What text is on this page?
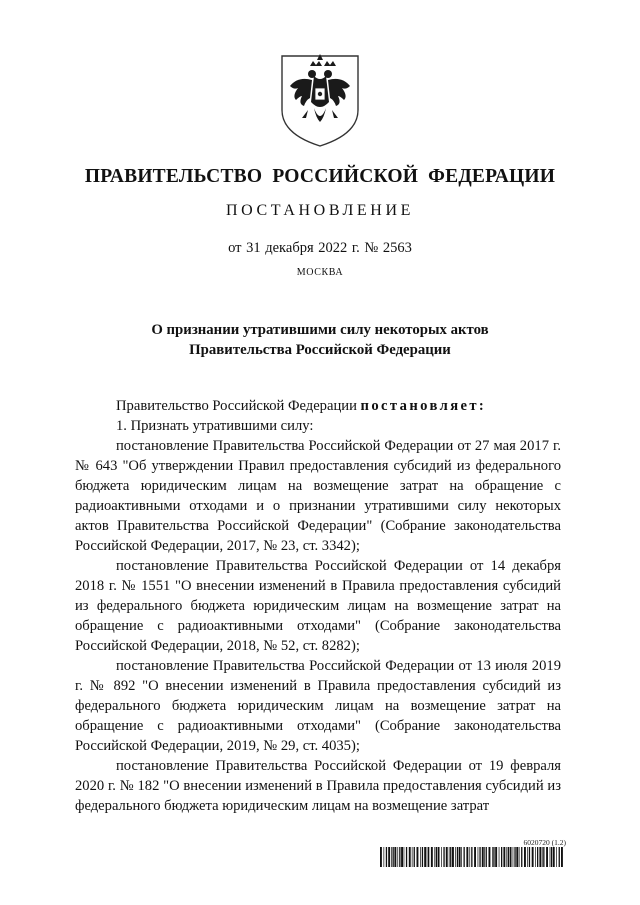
ПРАВИТЕЛЬСТВО РОССИЙСКОЙ ФЕДЕРАЦИИ
ПОСТАНОВЛЕНИЕ
от 31 декабря 2022 г. № 2563
МОСКВА
О признании утратившими силу некоторых актов
Правительства Российской Федерации

Правительство Российской Федерации постановляет:

1. Признать утратившими силу:

постановление Правительства Российской Федерации от 27 мая 2017 г. № 643 "Об утверждении Правил предоставления субсидий из федерального бюджета юридическим лицам на возмещение затрат на обращение с радиоактивными отходами и о признании утратившими силу некоторых актов Правительства Российской Федерации" (Собрание законодательства Российской Федерации, 2017, № 23, ст. 3342);

постановление Правительства Российской Федерации от 14 декабря 2018 г. № 1551 "О внесении изменений в Правила предоставления субсидий из федерального бюджета юридическим лицам на возмещение затрат на обращение с радиоактивными отходами" (Собрание законодательства Российской Федерации, 2018, № 52, ст. 8282);

постановление Правительства Российской Федерации от 13 июля 2019 г. № 892 "О внесении изменений в Правила предоставления субсидий из федерального бюджета юридическим лицам на возмещение затрат на обращение с радиоактивными отходами" (Собрание законодательства Российской Федерации, 2019, № 29, ст. 4035);

постановление Правительства Российской Федерации от 19 февраля 2020 г. № 182 "О внесении изменений в Правила предоставления субсидий из федерального бюджета юридическим лицам на возмещение затрат

6020720 (1.2)
